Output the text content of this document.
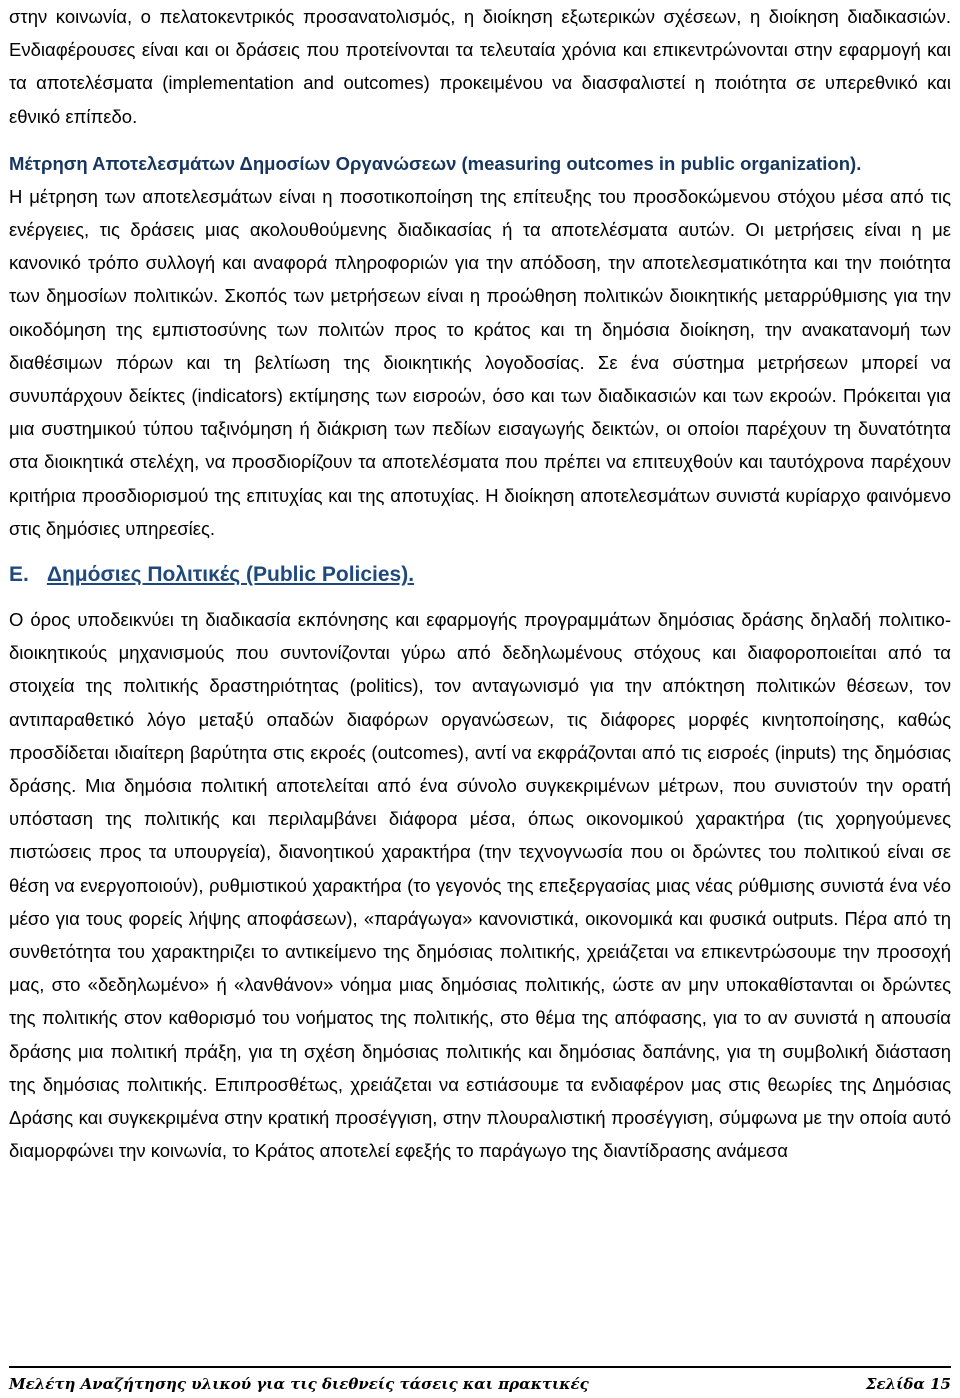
στην κοινωνία, ο πελατοκεντρικός προσανατολισμός, η διοίκηση εξωτερικών σχέσεων, η διοίκηση διαδικασιών. Ενδιαφέρουσες είναι και οι δράσεις που προτείνονται τα τελευταία χρόνια και επικεντρώνονται στην εφαρμογή και τα αποτελέσματα (implementation and outcomes) προκειμένου να διασφαλιστεί η ποιότητα σε υπερεθνικό και εθνικό επίπεδο.

Μέτρηση Αποτελεσμάτων Δημοσίων Οργανώσεων (measuring outcomes in public organization).

Η μέτρηση των αποτελεσμάτων είναι η ποσοτικοποίηση της επίτευξης του προσδοκώμενου στόχου μέσα από τις ενέργειες, τις δράσεις μιας ακολουθούμενης διαδικασίας ή τα αποτελέσματα αυτών. Οι μετρήσεις είναι η με κανονικό τρόπο συλλογή και αναφορά πληροφοριών για την απόδοση, την αποτελεσματικότητα και την ποιότητα των δημοσίων πολιτικών. Σκοπός των μετρήσεων είναι η προώθηση πολιτικών διοικητικής μεταρρύθμισης για την οικοδόμηση της εμπιστοσύνης των πολιτών προς το κράτος και τη δημόσια διοίκηση, την ανακατανομή των διαθέσιμων πόρων και τη βελτίωση της διοικητικής λογοδοσίας. Σε ένα σύστημα μετρήσεων μπορεί να συνυπάρχουν δείκτες (indicators) εκτίμησης των εισροών, όσο και των διαδικασιών και των εκροών. Πρόκειται για μια συστημικού τύπου ταξινόμηση ή διάκριση των πεδίων εισαγωγής δεικτών, οι οποίοι παρέχουν τη δυνατότητα στα διοικητικά στελέχη, να προσδιορίζουν τα αποτελέσματα που πρέπει να επιτευχθούν και ταυτόχρονα παρέχουν κριτήρια προσδιορισμού της επιτυχίας και της αποτυχίας. Η διοίκηση αποτελεσμάτων συνιστά κυρίαρχο φαινόμενο στις δημόσιες υπηρεσίες.

Ε. Δημόσιες Πολιτικές (Public Policies).

Ο όρος υποδεικνύει τη διαδικασία εκπόνησης και εφαρμογής προγραμμάτων δημόσιας δράσης δηλαδή πολιτικο-διοικητικούς μηχανισμούς που συντονίζονται γύρω από δεδηλωμένους στόχους και διαφοροποιείται από τα στοιχεία της πολιτικής δραστηριότητας (politics), τον ανταγωνισμό για την απόκτηση πολιτικών θέσεων, τον αντιπαραθετικό λόγο μεταξύ οπαδών διαφόρων οργανώσεων, τις διάφορες μορφές κινητοποίησης, καθώς προσδίδεται ιδιαίτερη βαρύτητα στις εκροές (outcomes), αντί να εκφράζονται από τις εισροές (inputs) της δημόσιας δράσης. Μια δημόσια πολιτική αποτελείται από ένα σύνολο συγκεκριμένων μέτρων, που συνιστούν την ορατή υπόσταση της πολιτικής και περιλαμβάνει διάφορα μέσα, όπως οικονομικού χαρακτήρα (τις χορηγούμενες πιστώσεις προς τα υπουργεία), διανοητικού χαρακτήρα (την τεχνογνωσία που οι δρώντες του πολιτικού είναι σε θέση να ενεργοποιούν), ρυθμιστικού χαρακτήρα (το γεγονός της επεξεργασίας μιας νέας ρύθμισης συνιστά ένα νέο μέσο για τους φορείς λήψης αποφάσεων), «παράγωγα» κανονιστικά, οικονομικά και φυσικά outputs. Πέρα από τη συνθετότητα του χαρακτηριζει το αντικείμενο της δημόσιας πολιτικής, χρειάζεται να επικεντρώσουμε την προσοχή μας, στο «δεδηλωμένο» ή «λανθάνον» νόημα μιας δημόσιας πολιτικής, ώστε αν μην υποκαθίστανται οι δρώντες της πολιτικής στον καθορισμό του νοήματος της πολιτικής, στο θέμα της απόφασης, για το αν συνιστά η απουσία δράσης μια πολιτική πράξη, για τη σχέση δημόσιας πολιτικής και δημόσιας δαπάνης, για τη συμβολική διάσταση της δημόσιας πολιτικής. Επιπροσθέτως, χρειάζεται να εστιάσουμε τα ενδιαφέρον μας στις θεωρίες της Δημόσιας Δράσης και συγκεκριμένα στην κρατική προσέγγιση, στην πλουραλιστική προσέγγιση, σύμφωνα με την οποία αυτό διαμορφώνει την κοινωνία, το Κράτος αποτελεί εφεξής το παράγωγο της διαντίδρασης ανάμεσα

Μελέτη Αναζήτησης υλικού για τις διεθνείς τάσεις και πρακτικές	Σελίδα 15
